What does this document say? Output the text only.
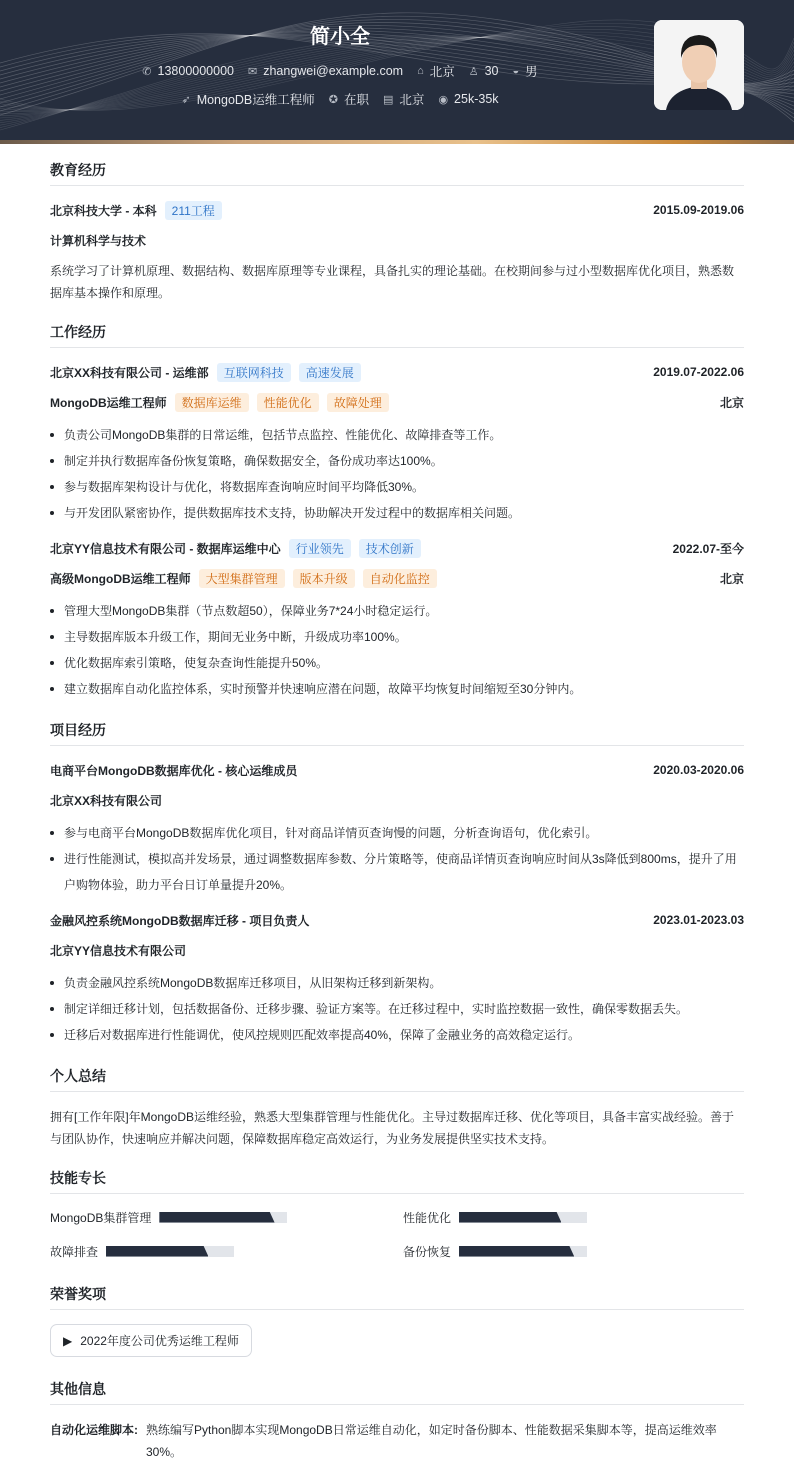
简小全
✆ 13800000000 ✉ zhangwei@example.com ⌂ 北京 ♙ 30 ◒ 男
➶ MongoDB运维工程师 ✪ 在职 ▤ 北京 ◉ 25k-35k
教育经历
北京科技大学 - 本科	211工程	2015.09-2019.06
计算机科学与技术

系统学习了计算机原理、数据结构、数据库原理等专业课程，具备扎实的理论基础。在校期间参与过小型数据库优化项目，熟悉数据库基本操作和原理。

工作经历
北京XX科技有限公司 - 运维部	互联网科技	高速发展	2019.07-2022.06
MongoDB运维工程师	数据库运维	性能优化	故障处理	北京
负责公司MongoDB集群的日常运维，包括节点监控、性能优化、故障排查等工作。
制定并执行数据库备份恢复策略，确保数据安全，备份成功率达100%。
参与数据库架构设计与优化，将数据库查询响应时间平均降低30%。
与开发团队紧密协作，提供数据库技术支持，协助解决开发过程中的数据库相关问题。
北京YY信息技术有限公司 - 数据库运维中心	行业领先	技术创新	2022.07-至今
高级MongoDB运维工程师	大型集群管理	版本升级	自动化监控	北京
管理大型MongoDB集群（节点数超50），保障业务7*24小时稳定运行。
主导数据库版本升级工作，期间无业务中断，升级成功率100%。
优化数据库索引策略，使复杂查询性能提升50%。
建立数据库自动化监控体系，实时预警并快速响应潜在问题，故障平均恢复时间缩短至30分钟内。
项目经历
电商平台MongoDB数据库优化 - 核心运维成员	2020.03-2020.06
北京XX科技有限公司
参与电商平台MongoDB数据库优化项目，针对商品详情页查询慢的问题，分析查询语句，优化索引。
进行性能测试，模拟高并发场景，通过调整数据库参数、分片策略等，使商品详情页查询响应时间从3s降低到800ms，提升了用户购物体验，助力平台日订单量提升20%。
金融风控系统MongoDB数据库迁移 - 项目负责人	2023.01-2023.03
北京YY信息技术有限公司
负责金融风控系统MongoDB数据库迁移项目，从旧架构迁移到新架构。
制定详细迁移计划，包括数据备份、迁移步骤、验证方案等。在迁移过程中，实时监控数据一致性，确保零数据丢失。
迁移后对数据库进行性能调优，使风控规则匹配效率提高40%，保障了金融业务的高效稳定运行。
个人总结

拥有[工作年限]年MongoDB运维经验，熟悉大型集群管理与性能优化。主导过数据库迁移、优化等项目，具备丰富实战经验。善于与团队协作，快速响应并解决问题，保障数据库稳定高效运行，为业务发展提供坚实技术支持。

技能专长
MongoDB集群管理	性能优化
故障排查	备份恢复
荣誉奖项
▶ 2022年度公司优秀运维工程师
其他信息
自动化运维脚本: 熟练编写Python脚本实现MongoDB日常运维自动化，如定时备份脚本、性能数据采集脚本等，提高运维效率30%。
